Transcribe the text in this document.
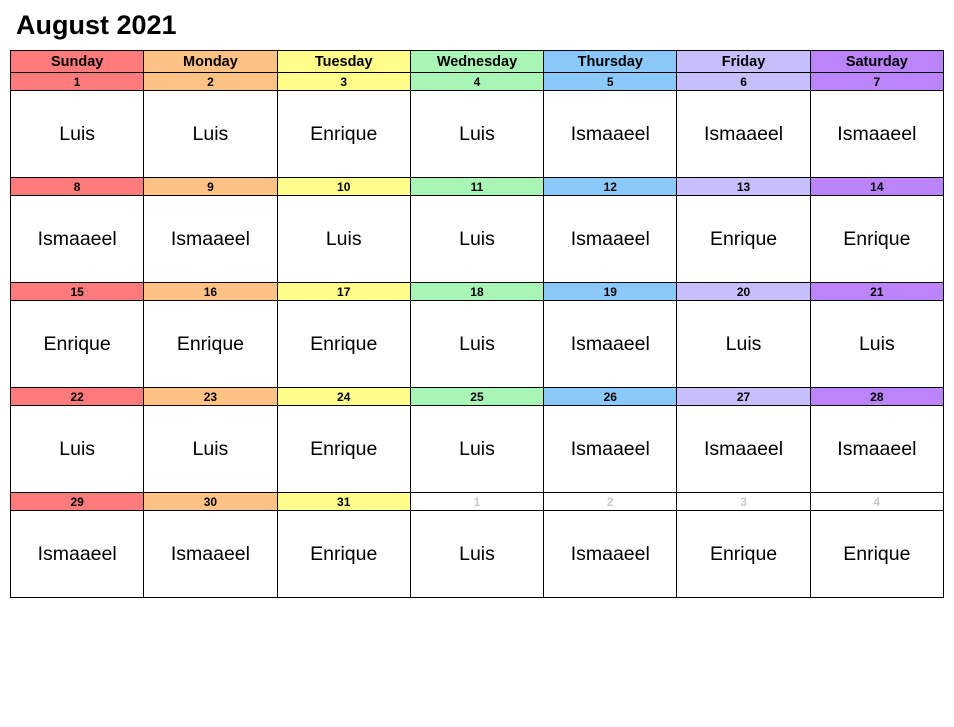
August 2021
Sunday	Monday	Tuesday	Wednesday	Thursday	Friday	Saturday
1	2	3	4	5	6	7

Luis	Luis	Enrique	Luis	Ismaaeel	Ismaaeel	Ismaaeel

8	9	10	11	12	13	14

Ismaaeel	Ismaaeel	Luis	Luis	Ismaaeel	Enrique	Enrique

15	16	17	18	19	20	21

Enrique	Enrique	Enrique	Luis	Ismaaeel	Luis	Luis

22	23	24	25	26	27	28

Luis	Luis	Enrique	Luis	Ismaaeel	Ismaaeel	Ismaaeel

29	30	31	1	2	3	4

Ismaaeel	Ismaaeel	Enrique	Luis	Ismaaeel	Enrique	Enrique
